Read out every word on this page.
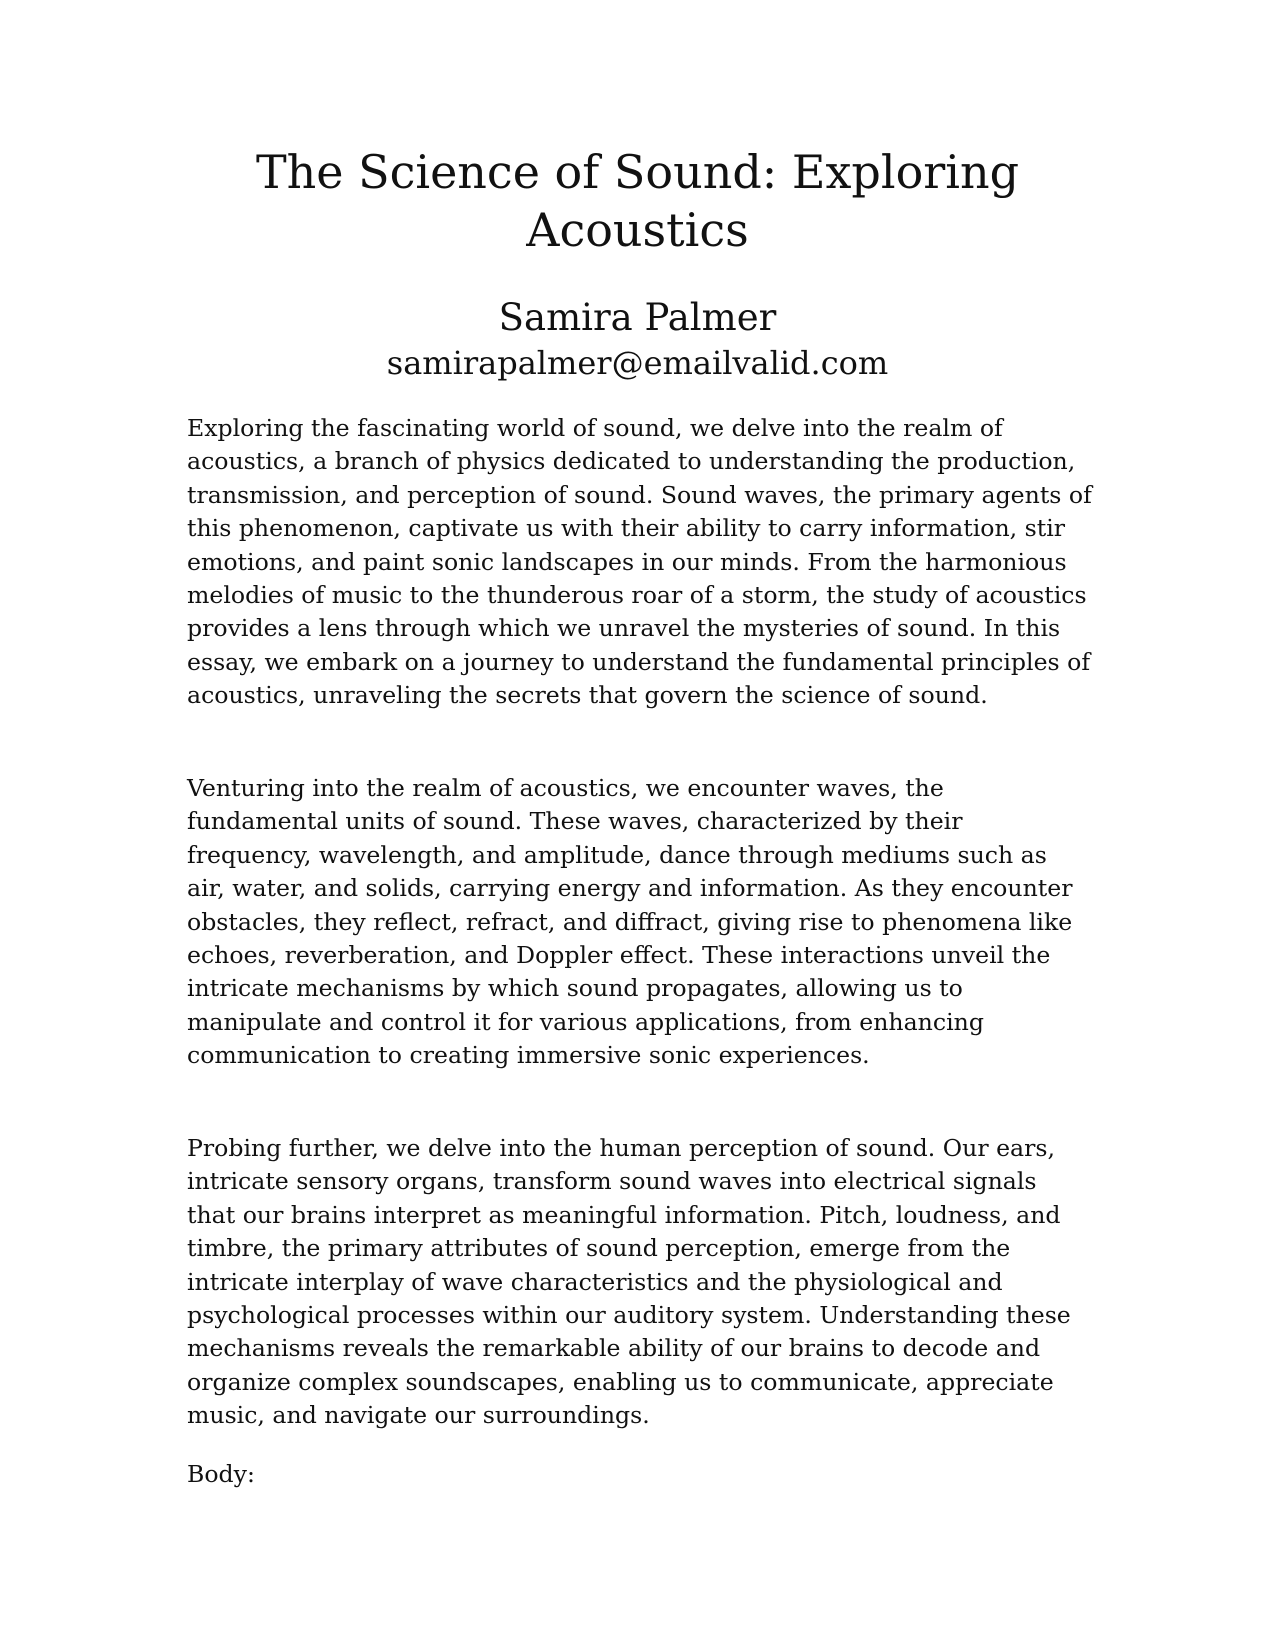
The Science of Sound: Exploring Acoustics
Samira Palmer
samirapalmer@emailvalid.com

Exploring the fascinating world of sound, we delve into the realm of acoustics, a branch of physics dedicated to understanding the production, transmission, and perception of sound. Sound waves, the primary agents of this phenomenon, captivate us with their ability to carry information, stir emotions, and paint sonic landscapes in our minds. From the harmonious melodies of music to the thunderous roar of a storm, the study of acoustics provides a lens through which we unravel the mysteries of sound. In this essay, we embark on a journey to understand the fundamental principles of acoustics, unraveling the secrets that govern the science of sound.

Venturing into the realm of acoustics, we encounter waves, the fundamental units of sound. These waves, characterized by their frequency, wavelength, and amplitude, dance through mediums such as air, water, and solids, carrying energy and information. As they encounter obstacles, they reflect, refract, and diffract, giving rise to phenomena like echoes, reverberation, and Doppler effect. These interactions unveil the intricate mechanisms by which sound propagates, allowing us to manipulate and control it for various applications, from enhancing communication to creating immersive sonic experiences.

Probing further, we delve into the human perception of sound. Our ears, intricate sensory organs, transform sound waves into electrical signals that our brains interpret as meaningful information. Pitch, loudness, and timbre, the primary attributes of sound perception, emerge from the intricate interplay of wave characteristics and the physiological and psychological processes within our auditory system. Understanding these mechanisms reveals the remarkable ability of our brains to decode and organize complex soundscapes, enabling us to communicate, appreciate music, and navigate our surroundings.

Body:
